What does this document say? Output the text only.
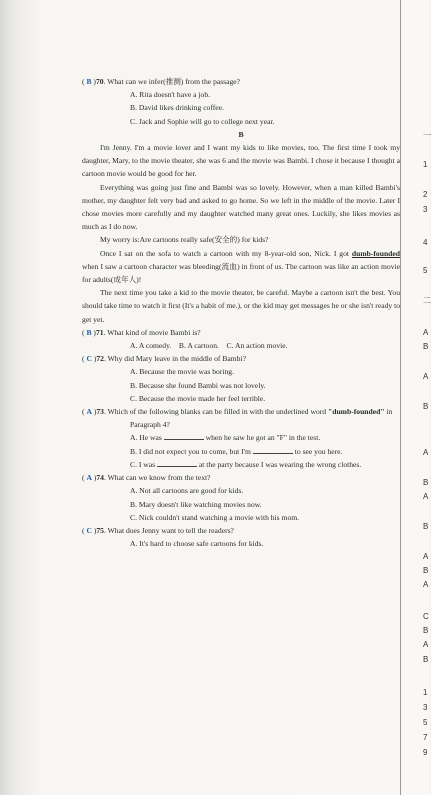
( B )70. What can we infer(推测) from the passage?

A. Rita doesn't have a job.

B. David likes drinking coffee.

C. Jack and Sophie will go to college next year.

B

I'm Jenny. I'm a movie lover and I want my kids to like movies, too. The first time I took my daughter, Mary, to the movie theater, she was 6 and the movie was Bambi. I chose it because I thought a cartoon movie would be good for her.

Everything was going just fine and Bambi was so lovely. However, when a man killed Bambi's mother, my daughter felt very bad and asked to go home. So we left in the middle of the movie. Later I chose movies more carefully and my daughter watched many great ones. Luckily, she likes movies as much as I do now.

My worry is:Are cartoons really safe(安全的) for kids?

Once I sat on the sofa to watch a cartoon with my 8-year-old son, Nick. I got dumb-founded when I saw a cartoon character was bleeding(流血) in front of us. The cartoon was like an action movie for adults(成年人)!

The next time you take a kid to the movie theater, be careful. Maybe a cartoon isn't the best. You should take time to watch it first (It's a habit of me.), or the kid may get messages he or she isn't ready to get yet.

( B )71. What kind of movie Bambi is?

A. A comedy. B. A cartoon. C. An action movie.

( C )72. Why did Mary leave in the middle of Bambi?

A. Because the movie was boring.

B. Because she found Bambi was not lovely.

C. Because the movie made her feel terrible.

( A )73. Which of the following blanks can be filled in with the underlined word "dumb-founded" in Paragraph 4?

A. He was	when he saw he got an "F" in the test.

B. I did not expect you to come, but I'm	to see you here.

C. I was	at the party because I was wearing the wrong clothes.

( A )74. What can we know from the text?

A. Not all cartoons are good for kids.

B. Mary doesn't like watching movies now.

C. Nick couldn't stand watching a movie with his mom.

( C )75. What does Jenny want to tell the readers?

A. It's hard to choose safe cartoons for kids.

一
1
2
3
4
5
二
A
B
A
B
A
B
A
B
A
B
A
C
B
A
B
1
3
5
7
9
